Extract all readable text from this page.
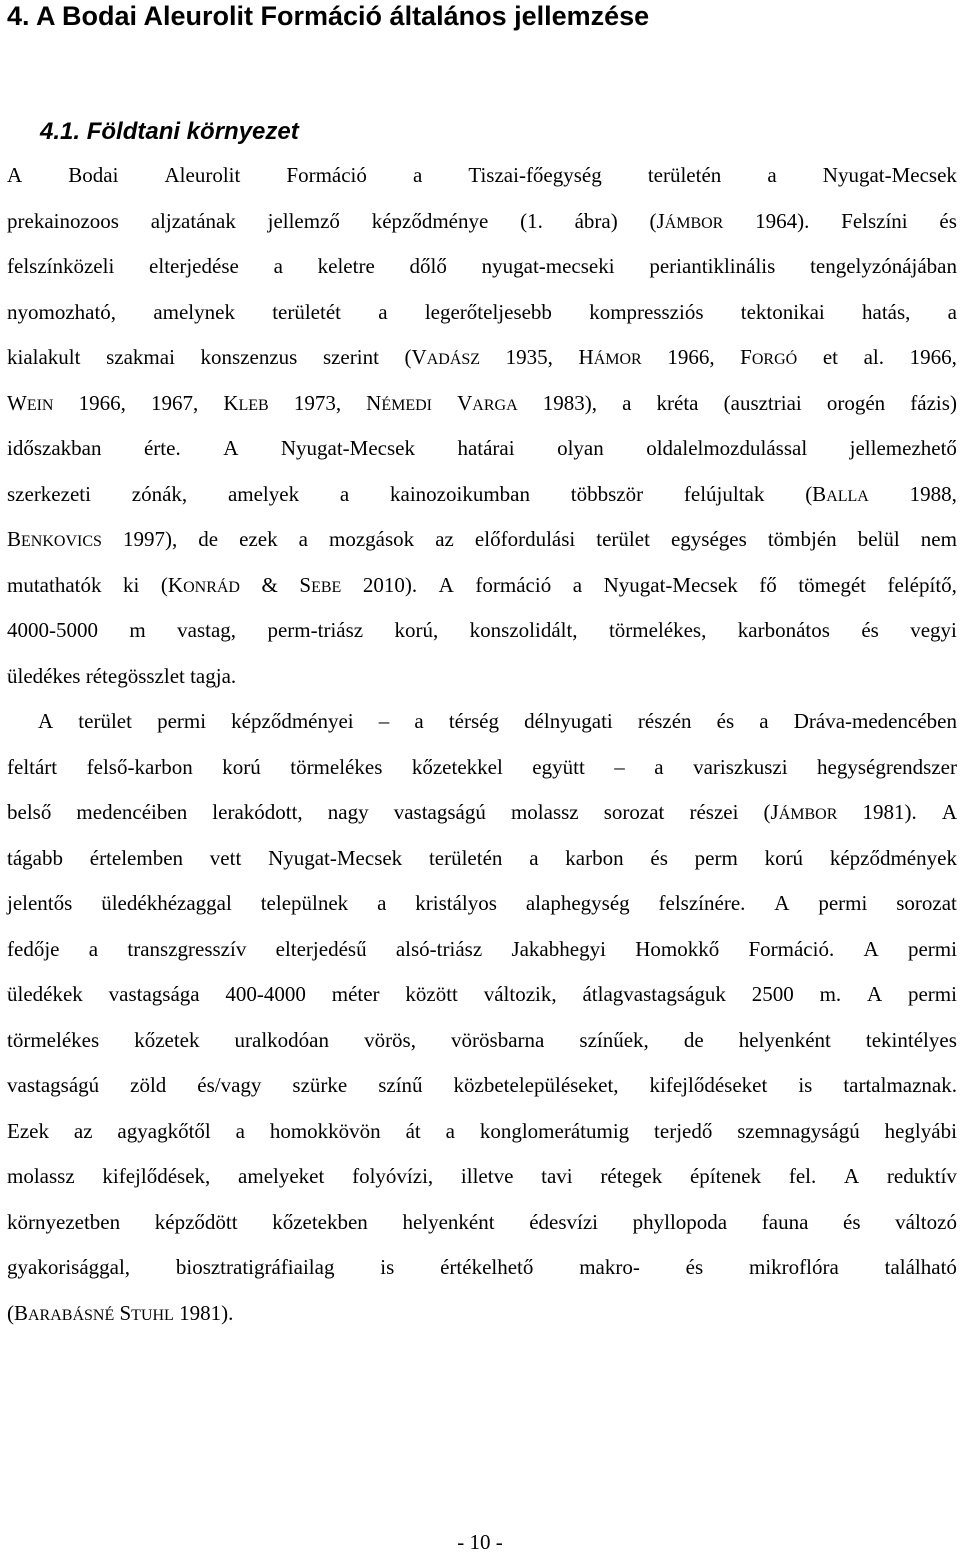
4. A Bodai Aleurolit Formáció általános jellemzése
4.1. Földtani környezet
A Bodai Aleurolit Formáció a Tiszai-főegység területén a Nyugat-Mecsek
prekainozoos aljzatának jellemző képződménye (1. ábra) (JÁMBOR 1964). Felszíni és
felszínközeli elterjedése a keletre dőlő nyugat-mecseki periantiklinális tengelyzónájában
nyomozható, amelynek területét a legerőteljesebb kompressziós tektonikai hatás, a
kialakult szakmai konszenzus szerint (VADÁSZ 1935, HÁMOR 1966, FORGÓ et al. 1966,
WEIN 1966, 1967, KLEB 1973, NÉMEDI VARGA 1983), a kréta (ausztriai orogén fázis)
időszakban érte. A Nyugat-Mecsek határai olyan oldalelmozdulással jellemezhető
szerkezeti zónák, amelyek a kainozoikumban többször felújultak (BALLA 1988,
BENKOVICS 1997), de ezek a mozgások az előfordulási terület egységes tömbjén belül nem
mutathatók ki (KONRÁD & SEBE 2010). A formáció a Nyugat-Mecsek fő tömegét felépítő,
4000-5000 m vastag, perm-triász korú, konszolidált, törmelékes, karbonátos és vegyi
üledékes rétegösszlet tagja.
A terület permi képződményei – a térség délnyugati részén és a Dráva-medencében
feltárt felső-karbon korú törmelékes kőzetekkel együtt – a variszkuszi hegységrendszer
belső medencéiben lerakódott, nagy vastagságú molassz sorozat részei (JÁMBOR 1981). A
tágabb értelemben vett Nyugat-Mecsek területén a karbon és perm korú képződmények
jelentős üledékhézaggal települnek a kristályos alaphegység felszínére. A permi sorozat
fedője a transzgresszív elterjedésű alsó-triász Jakabhegyi Homokkő Formáció. A permi
üledékek vastagsága 400-4000 méter között változik, átlagvastagságuk 2500 m. A permi
törmelékes kőzetek uralkodóan vörös, vörösbarna színűek, de helyenként tekintélyes
vastagságú zöld és/vagy szürke színű közbetelepüléseket, kifejlődéseket is tartalmaznak.
Ezek az agyagkőtől a homokkövön át a konglomerátumig terjedő szemnagyságú heglyábi
molassz kifejlődések, amelyeket folyóvízi, illetve tavi rétegek építenek fel. A reduktív
környezetben képződött kőzetekben helyenként édesvízi phyllopoda fauna és változó
gyakorisággal, biosztratigráfiailag is értékelhető makro- és mikroflóra található
(BARABÁSNÉ STUHL 1981).
- 10 -
